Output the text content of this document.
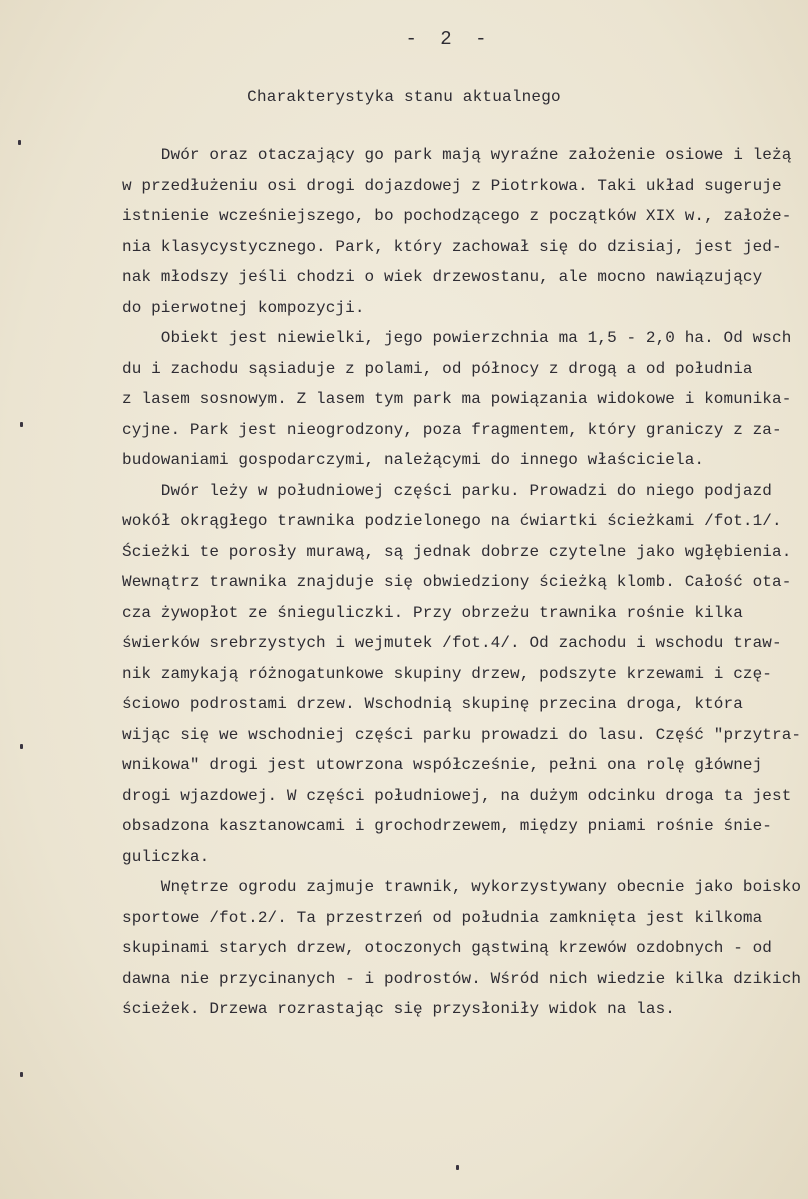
- 2 -
Charakterystyka stanu aktualnego
Dwór oraz otaczający go park mają wyraźne założenie osiowe i leżą
w przedłużeniu osi drogi dojazdowej z Piotrkowa. Taki układ sugeruje
istnienie wcześniejszego, bo pochodzącego z początków XIX w., założe-
nia klasycystycznego. Park, który zachował się do dzisiaj, jest jed-
nak młodszy jeśli chodzi o wiek drzewostanu, ale mocno nawiązujący
do pierwotnej kompozycji.
Obiekt jest niewielki, jego powierzchnia ma 1,5 - 2,0 ha. Od wsch
du i zachodu sąsiaduje z polami, od północy z drogą a od południa
z lasem sosnowym. Z lasem tym park ma powiązania widokowe i komunika-
cyjne. Park jest nieogrodzony, poza fragmentem, który graniczy z za-
budowaniami gospodarczymi, należącymi do innego właściciela.
Dwór leży w południowej części parku. Prowadzi do niego podjazd
wokół okrągłego trawnika podzielonego na ćwiartki ścieżkami /fot.1/.
Ścieżki te porosły murawą, są jednak dobrze czytelne jako wgłębienia.
Wewnątrz trawnika znajduje się obwiedziony ścieżką klomb. Całość ota-
cza żywopłot ze śnieguliczki. Przy obrzeżu trawnika rośnie kilka
świerków srebrzystych i wejmutek /fot.4/. Od zachodu i wschodu traw-
nik zamykają różnogatunkowe skupiny drzew, podszyte krzewami i czę-
ściowo podrostami drzew. Wschodnią skupinę przecina droga, która
wijąc się we wschodniej części parku prowadzi do lasu. Część "przytra-
wnikowa" drogi jest utowrzona współcześnie, pełni ona rolę głównej
drogi wjazdowej. W części południowej, na dużym odcinku droga ta jest
obsadzona kasztanowcami i grochodrzewem, między pniami rośnie śnie-
guliczka.
Wnętrze ogrodu zajmuje trawnik, wykorzystywany obecnie jako boisko
sportowe /fot.2/. Ta przestrzeń od południa zamknięta jest kilkoma
skupinami starych drzew, otoczonych gąstwiną krzewów ozdobnych - od
dawna nie przycinanych - i podrostów. Wśród nich wiedzie kilka dzikich
ścieżek. Drzewa rozrastając się przysłoniły widok na las.
